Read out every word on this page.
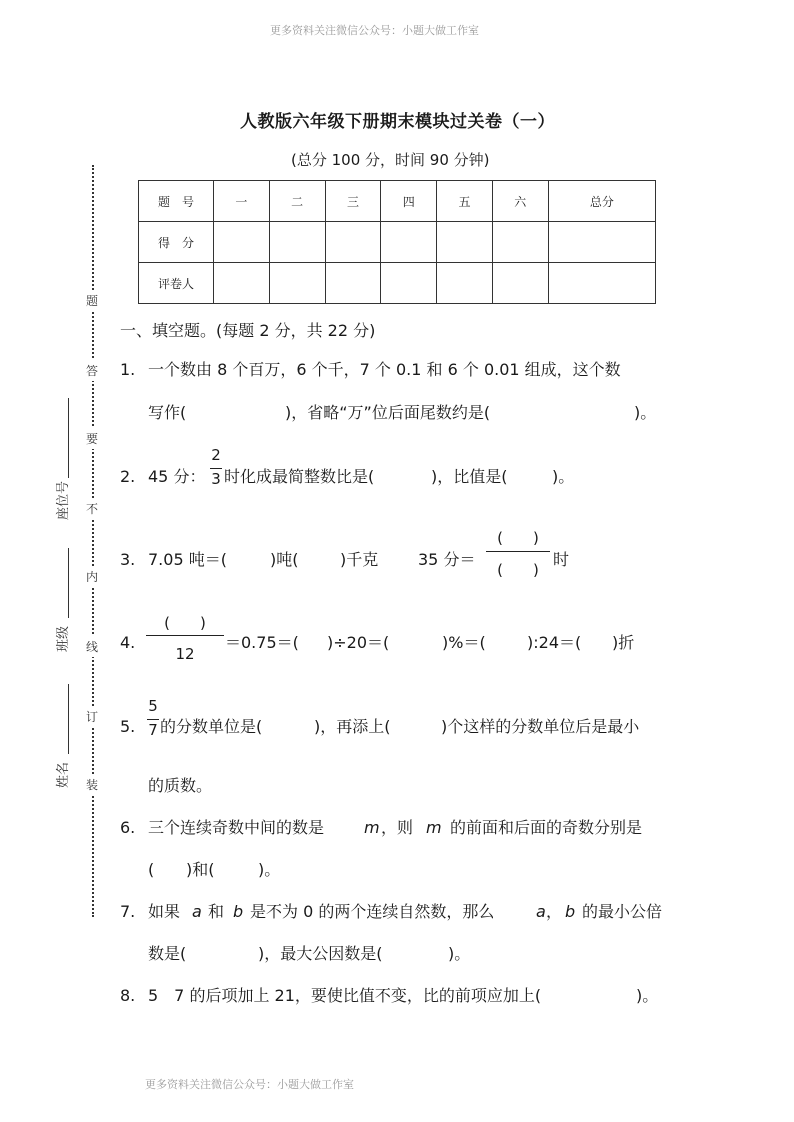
更多资料关注微信公众号：小题大做工作室
更多资料关注微信公众号：小题大做工作室
人教版六年级下册期末模块过关卷（一）
(总分 100 分，时间 90 分钟)
题　号	一	二	三	四	五	六	总分
得　分							
评卷人							
题
答
要
不
内
线
订
装
座位号
班级
姓名
一、填空题。(每题 2 分，共 22 分)
1. 一个数由 8 个百万，6 个千，7 个 0.1 和 6 个 0.01 组成，这个数
写作(	)，省略“万”位后面尾数约是(	)。
2. 45 分：
2
3 时化成最简整数比是(	)，比值是(	)。
3. 7.05 吨＝(	)吨(	)千克 35 分＝
(　　)
(　　)
时
4.
(　　)
12
＝0.75＝( )÷20＝(	)%＝(	):24＝( )折
5.
5
7 的分数单位是(	)，再添上(	)个这样的分数单位后是最小
的质数。
6. 三个连续奇数中间的数是 m ，则 m 的前面和后面的奇数分别是
( )和(	)。
7. 如果 a 和 b 是不为 0 的两个连续自然数，那么	a ， b 的最小公倍
数是(	)，最大公因数是(	)。
8. 5　7 的后项加上 21，要使比值不变，比的前项应加上(	)。
